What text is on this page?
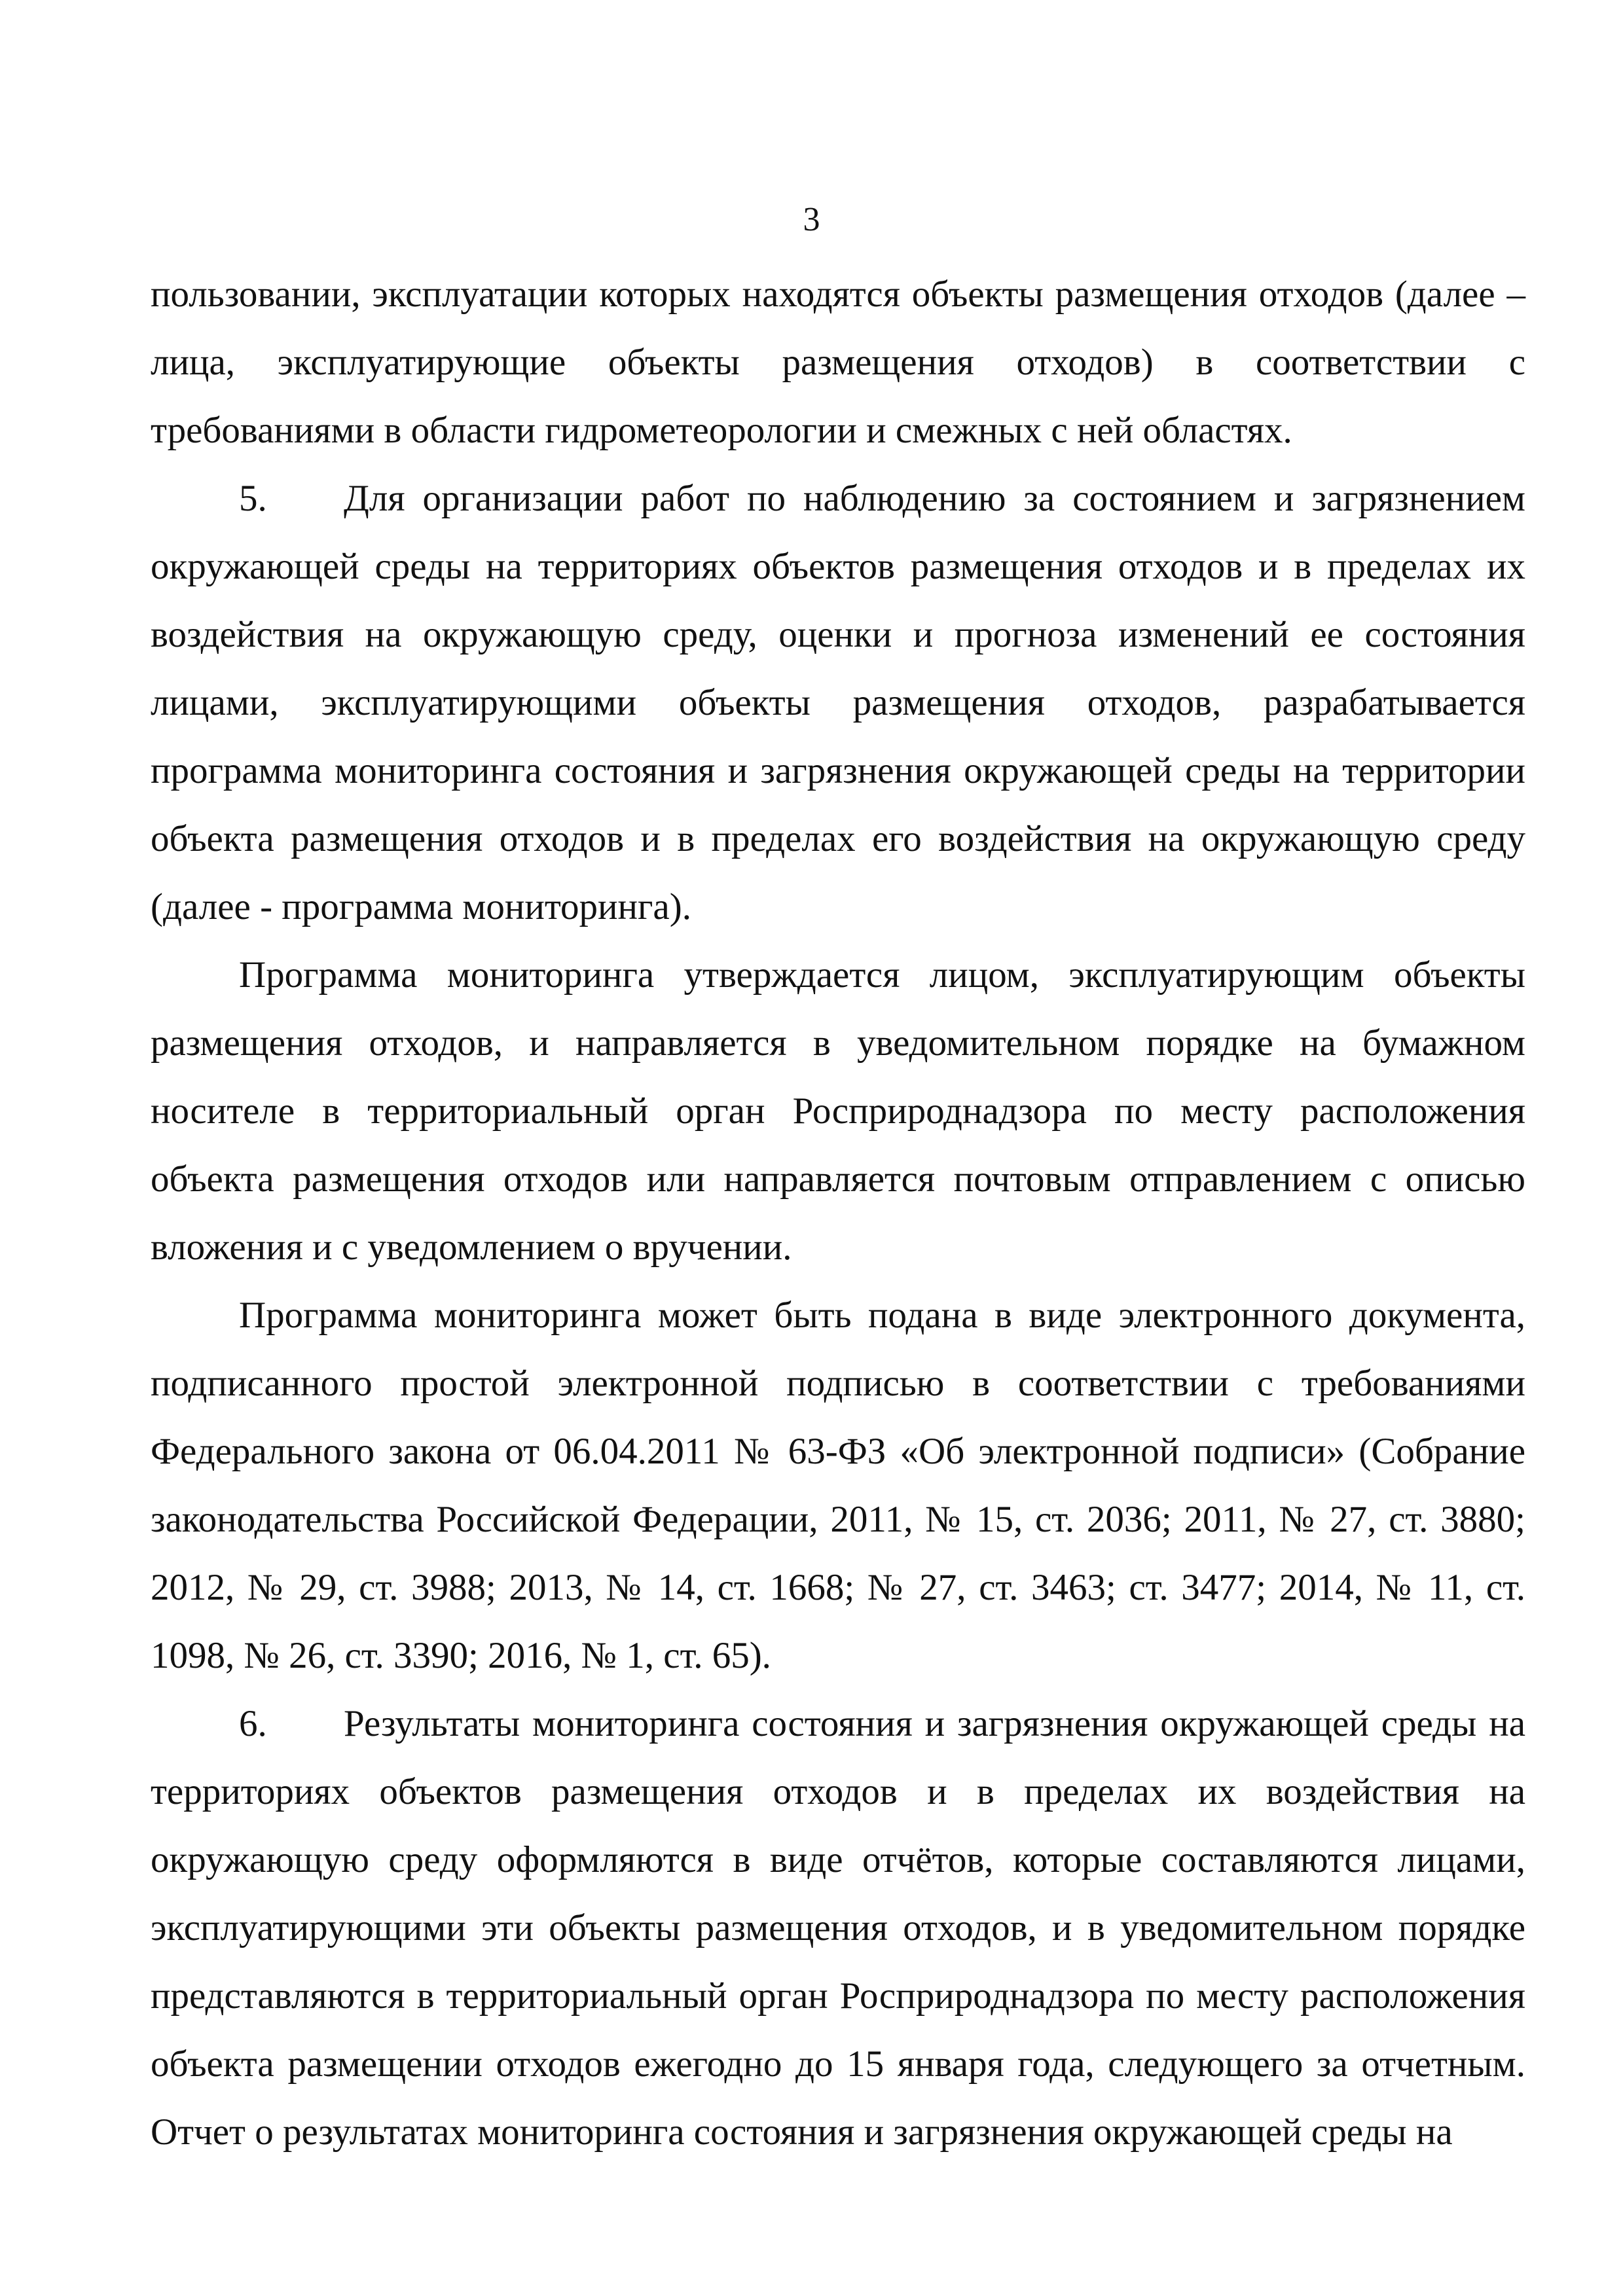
3

пользовании, эксплуатации которых находятся объекты размещения отходов (далее – лица, эксплуатирующие объекты размещения отходов) в соответствии с требованиями в области гидрометеорологии и смежных с ней областях.

5. Для организации работ по наблюдению за состоянием и загрязнением окружающей среды на территориях объектов размещения отходов и в пределах их воздействия на окружающую среду, оценки и прогноза изменений ее состояния лицами, эксплуатирующими объекты размещения отходов, разрабатывается программа мониторинга состояния и загрязнения окружающей среды на территории объекта размещения отходов и в пределах его воздействия на окружающую среду (далее - программа мониторинга).

Программа мониторинга утверждается лицом, эксплуатирующим объекты размещения отходов, и направляется в уведомительном порядке на бумажном носителе в территориальный орган Росприроднадзора по месту расположения объекта размещения отходов или направляется почтовым отправлением с описью вложения и с уведомлением о вручении.

Программа мониторинга может быть подана в виде электронного документа, подписанного простой электронной подписью в соответствии с требованиями Федерального закона от 06.04.2011 № 63-ФЗ «Об электронной подписи» (Собрание законодательства Российской Федерации, 2011, № 15, ст. 2036; 2011, № 27, ст. 3880; 2012, № 29, ст. 3988; 2013, № 14, ст. 1668; № 27, ст. 3463; ст. 3477; 2014, № 11, ст. 1098, № 26, ст. 3390; 2016, № 1, ст. 65).

6. Результаты мониторинга состояния и загрязнения окружающей среды на территориях объектов размещения отходов и в пределах их воздействия на окружающую среду оформляются в виде отчётов, которые составляются лицами, эксплуатирующими эти объекты размещения отходов, и в уведомительном порядке представляются в территориальный орган Росприроднадзора по месту расположения объекта размещении отходов ежегодно до 15 января года, следующего за отчетным. Отчет о результатах мониторинга состояния и загрязнения окружающей среды на
